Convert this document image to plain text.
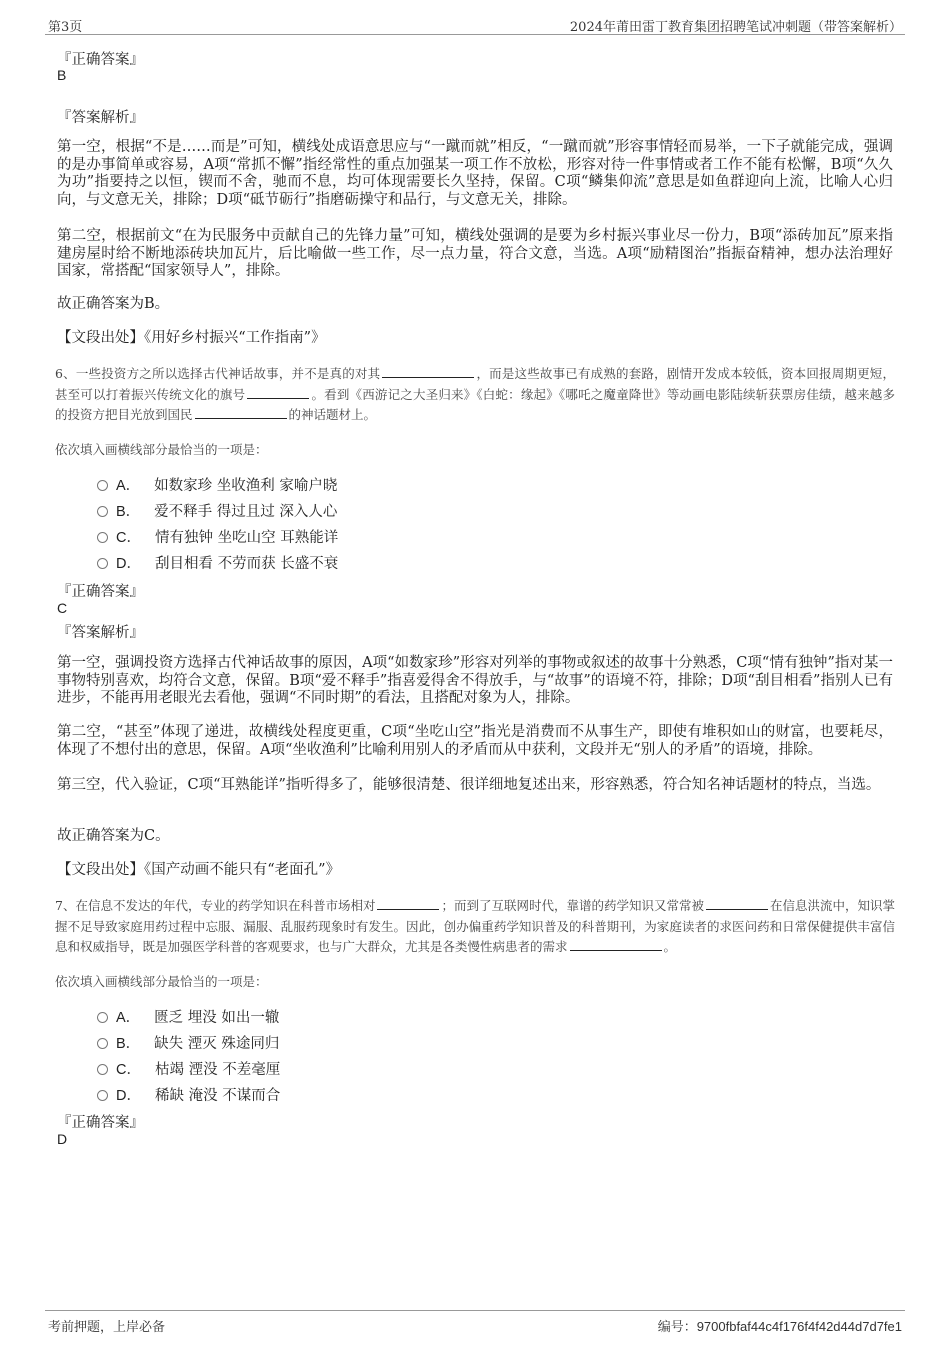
第3页	2024年莆田雷丁教育集团招聘笔试冲刺题（带答案解析）
『正确答案』
B
『答案解析』
第一空，根据“不是……而是”可知，横线处成语意思应与“一蹴而就”相反，“一蹴而就”形容事情轻而易举，一下子就能完成，强调的是办事简单或容易，A项“常抓不懈”指经常性的重点加强某一项工作不放松，形容对待一件事情或者工作不能有松懈，B项“久久为功”指要持之以恒，锲而不舍，驰而不息，均可体现需要长久坚持，保留。C项“鳞集仰流”意思是如鱼群迎向上流，比喻人心归向，与文意无关，排除；D项“砥节砺行”指磨砺操守和品行，与文意无关，排除。
第二空，根据前文“在为民服务中贡献自己的先锋力量”可知，横线处强调的是要为乡村振兴事业尽一份力，B项“添砖加瓦”原来指建房屋时给不断地添砖块加瓦片，后比喻做一些工作，尽一点力量，符合文意，当选。A项“励精图治”指振奋精神，想办法治理好国家，常搭配“国家领导人”，排除。
故正确答案为B。
【文段出处】《用好乡村振兴“工作指南”》
6、一些投资方之所以选择古代神话故事，并不是真的对其	，而是这些故事已有成熟的套路，剧情开发成本较低，资本回报周期更短，甚至可以打着振兴传统文化的旗号	。看到《西游记之大圣归来》《白蛇：缘起》《哪吒之魔童降世》等动画电影陆续斩获票房佳绩，越来越多的投资方把目光放到国民	的神话题材上。
依次填入画横线部分最恰当的一项是：
A． 如数家珍 坐收渔利 家喻户晓
B． 爱不释手 得过且过 深入人心
C． 情有独钟 坐吃山空 耳熟能详
D． 刮目相看 不劳而获 长盛不衰
『正确答案』
C
『答案解析』
第一空，强调投资方选择古代神话故事的原因，A项“如数家珍”形容对列举的事物或叙述的故事十分熟悉，C项“情有独钟”指对某一事物特别喜欢，均符合文意，保留。B项“爱不释手”指喜爱得舍不得放手，与“故事”的语境不符，排除；D项“刮目相看”指别人已有进步，不能再用老眼光去看他，强调“不同时期”的看法，且搭配对象为人，排除。
第二空，“甚至”体现了递进，故横线处程度更重，C项“坐吃山空”指光是消费而不从事生产，即使有堆积如山的财富，也要耗尽，体现了不想付出的意思，保留。A项“坐收渔利”比喻利用别人的矛盾而从中获利，文段并无“别人的矛盾”的语境，排除。
第三空，代入验证，C项“耳熟能详”指听得多了，能够很清楚、很详细地复述出来，形容熟悉，符合知名神话题材的特点，当选。
故正确答案为C。
【文段出处】《国产动画不能只有“老面孔”》
7、在信息不发达的年代，专业的药学知识在科普市场相对	；而到了互联网时代，靠谱的药学知识又常常被	在信息洪流中，知识掌握不足导致家庭用药过程中忘服、漏服、乱服药现象时有发生。因此，创办偏重药学知识普及的科普期刊，为家庭读者的求医问药和日常保健提供丰富信息和权威指导，既是加强医学科普的客观要求，也与广大群众，尤其是各类慢性病患者的需求	。
依次填入画横线部分最恰当的一项是：
A． 匮乏 埋没 如出一辙
B． 缺失 湮灭 殊途同归
C． 枯竭 湮没 不差毫厘
D． 稀缺 淹没 不谋而合
『正确答案』
D
考前押题，上岸必备	编号：9700fbfaf44c4f176f4f42d44d7d7fe1
